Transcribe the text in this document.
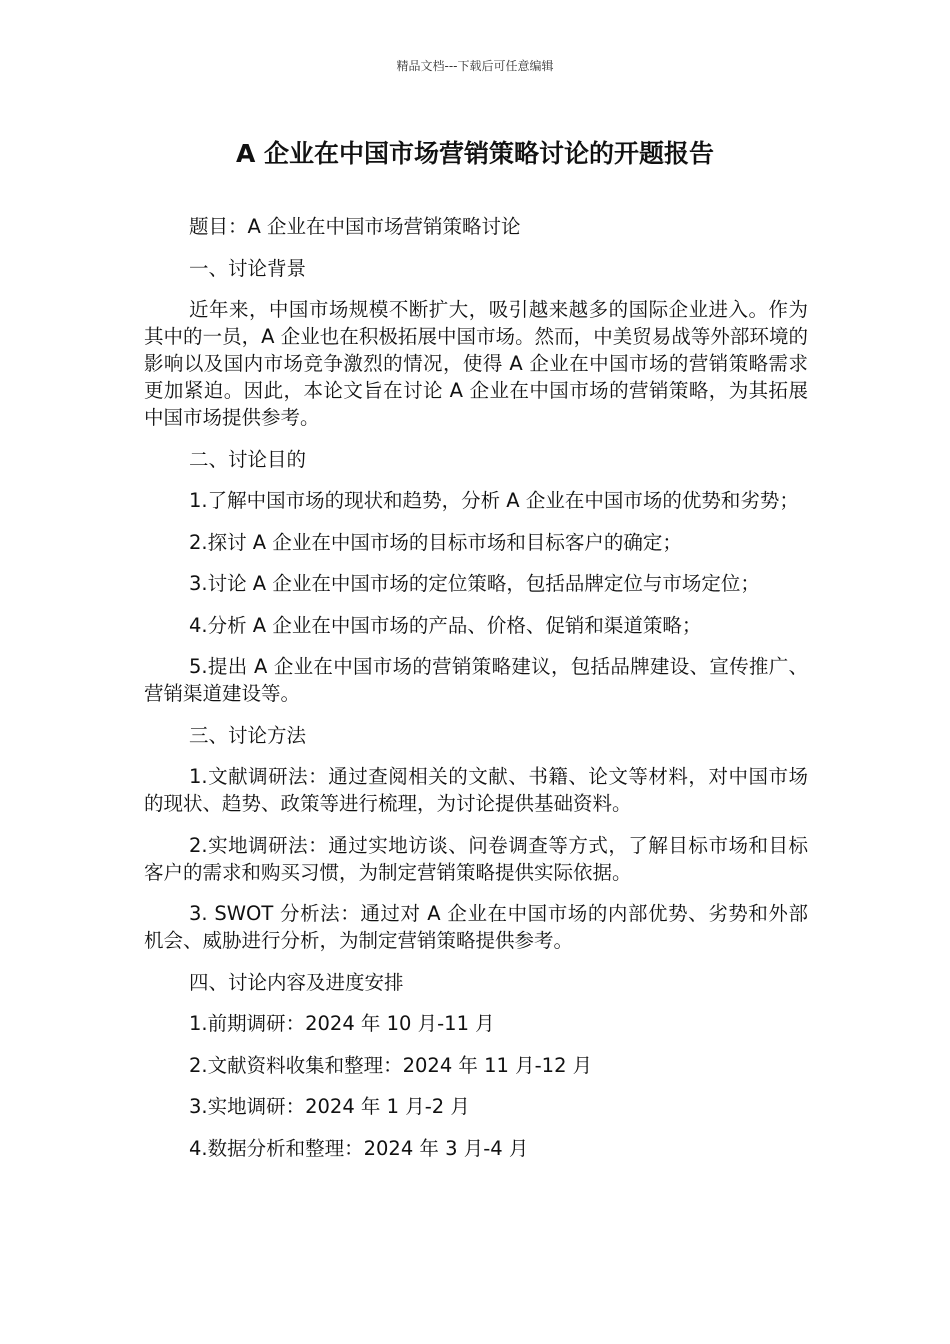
精品文档---下载后可任意编辑
A 企业在中国市场营销策略讨论的开题报告

题目：A 企业在中国市场营销策略讨论

一、讨论背景

近年来，中国市场规模不断扩大，吸引越来越多的国际企业进入。作为其中的一员，A 企业也在积极拓展中国市场。然而，中美贸易战等外部环境的影响以及国内市场竞争激烈的情况，使得 A 企业在中国市场的营销策略需求更加紧迫。因此，本论文旨在讨论 A 企业在中国市场的营销策略，为其拓展中国市场提供参考。

二、讨论目的

1.了解中国市场的现状和趋势，分析 A 企业在中国市场的优势和劣势；

2.探讨 A 企业在中国市场的目标市场和目标客户的确定；

3.讨论 A 企业在中国市场的定位策略，包括品牌定位与市场定位；

4.分析 A 企业在中国市场的产品、价格、促销和渠道策略；

5.提出 A 企业在中国市场的营销策略建议，包括品牌建设、宣传推广、营销渠道建设等。

三、讨论方法

1.文献调研法：通过查阅相关的文献、书籍、论文等材料，对中国市场的现状、趋势、政策等进行梳理，为讨论提供基础资料。

2.实地调研法：通过实地访谈、问卷调查等方式，了解目标市场和目标客户的需求和购买习惯，为制定营销策略提供实际依据。

3. SWOT 分析法：通过对 A 企业在中国市场的内部优势、劣势和外部机会、威胁进行分析，为制定营销策略提供参考。

四、讨论内容及进度安排

1.前期调研：2024 年 10 月-11 月

2.文献资料收集和整理：2024 年 11 月-12 月

3.实地调研：2024 年 1 月-2 月

4.数据分析和整理：2024 年 3 月-4 月
